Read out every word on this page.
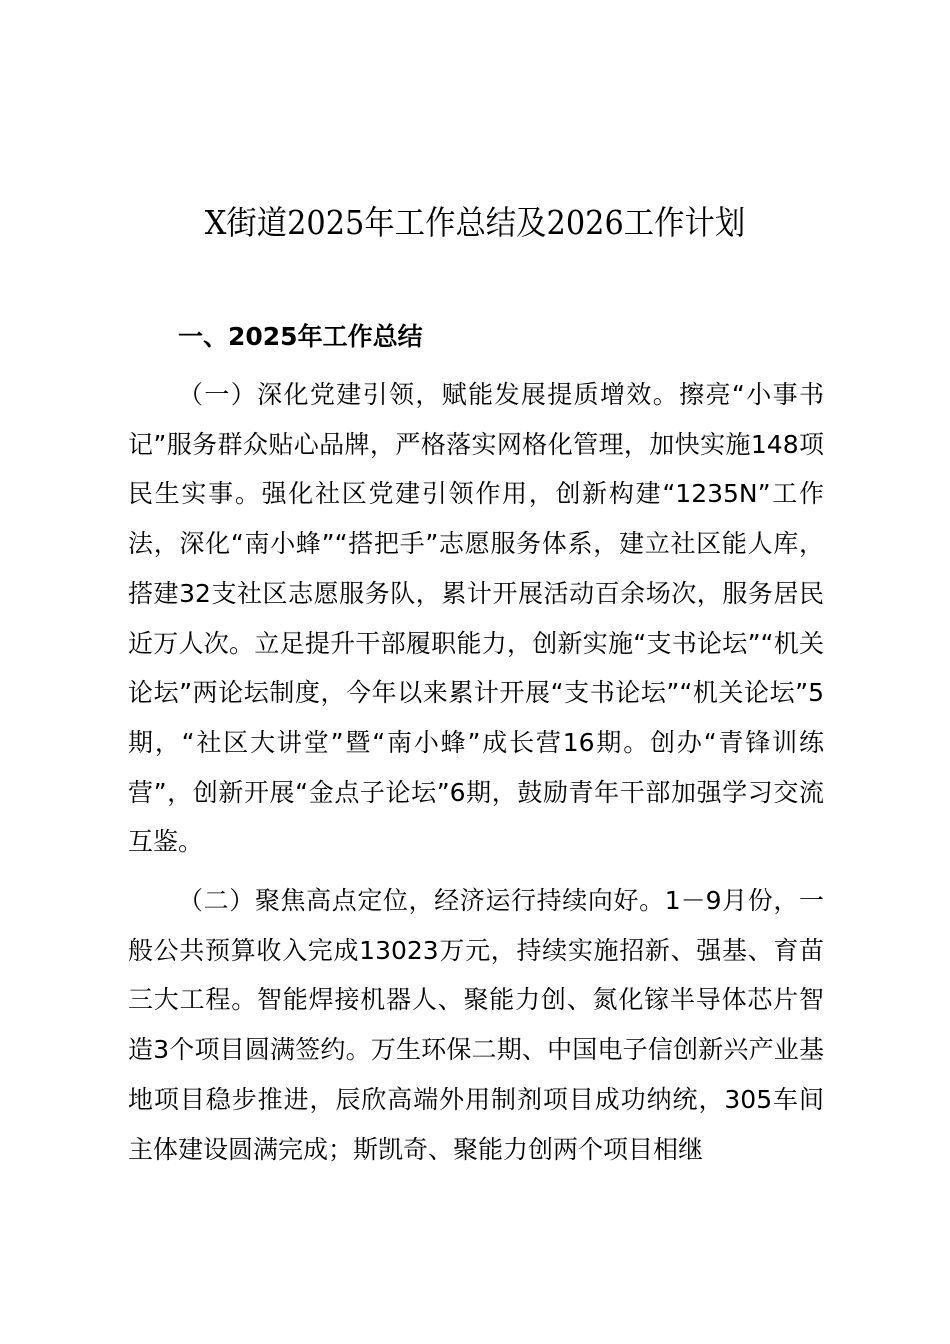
X街道2025年工作总结及2026工作计划
一、2025年工作总结

（一）深化党建引领，赋能发展提质增效。擦亮“小事书记”服务群众贴心品牌，严格落实网格化管理，加快实施148项民生实事。强化社区党建引领作用，创新构建“1235N”工作法，深化“南小蜂”“搭把手”志愿服务体系，建立社区能人库，搭建32支社区志愿服务队，累计开展活动百余场次，服务居民近万人次。立足提升干部履职能力，创新实施“支书论坛”“机关论坛”两论坛制度，今年以来累计开展“支书论坛”“机关论坛”5期，“社区大讲堂”暨“南小蜂”成长营16期。创办“青锋训练营”，创新开展“金点子论坛”6期，鼓励青年干部加强学习交流互鉴。

（二）聚焦高点定位，经济运行持续向好。1－9月份，一般公共预算收入完成13023万元，持续实施招新、强基、育苗三大工程。智能焊接机器人、聚能力创、氮化镓半导体芯片智造3个项目圆满签约。万生环保二期、中国电子信创新兴产业基地项目稳步推进，辰欣高端外用制剂项目成功纳统，305车间主体建设圆满完成；斯凯奇、聚能力创两个项目相继
